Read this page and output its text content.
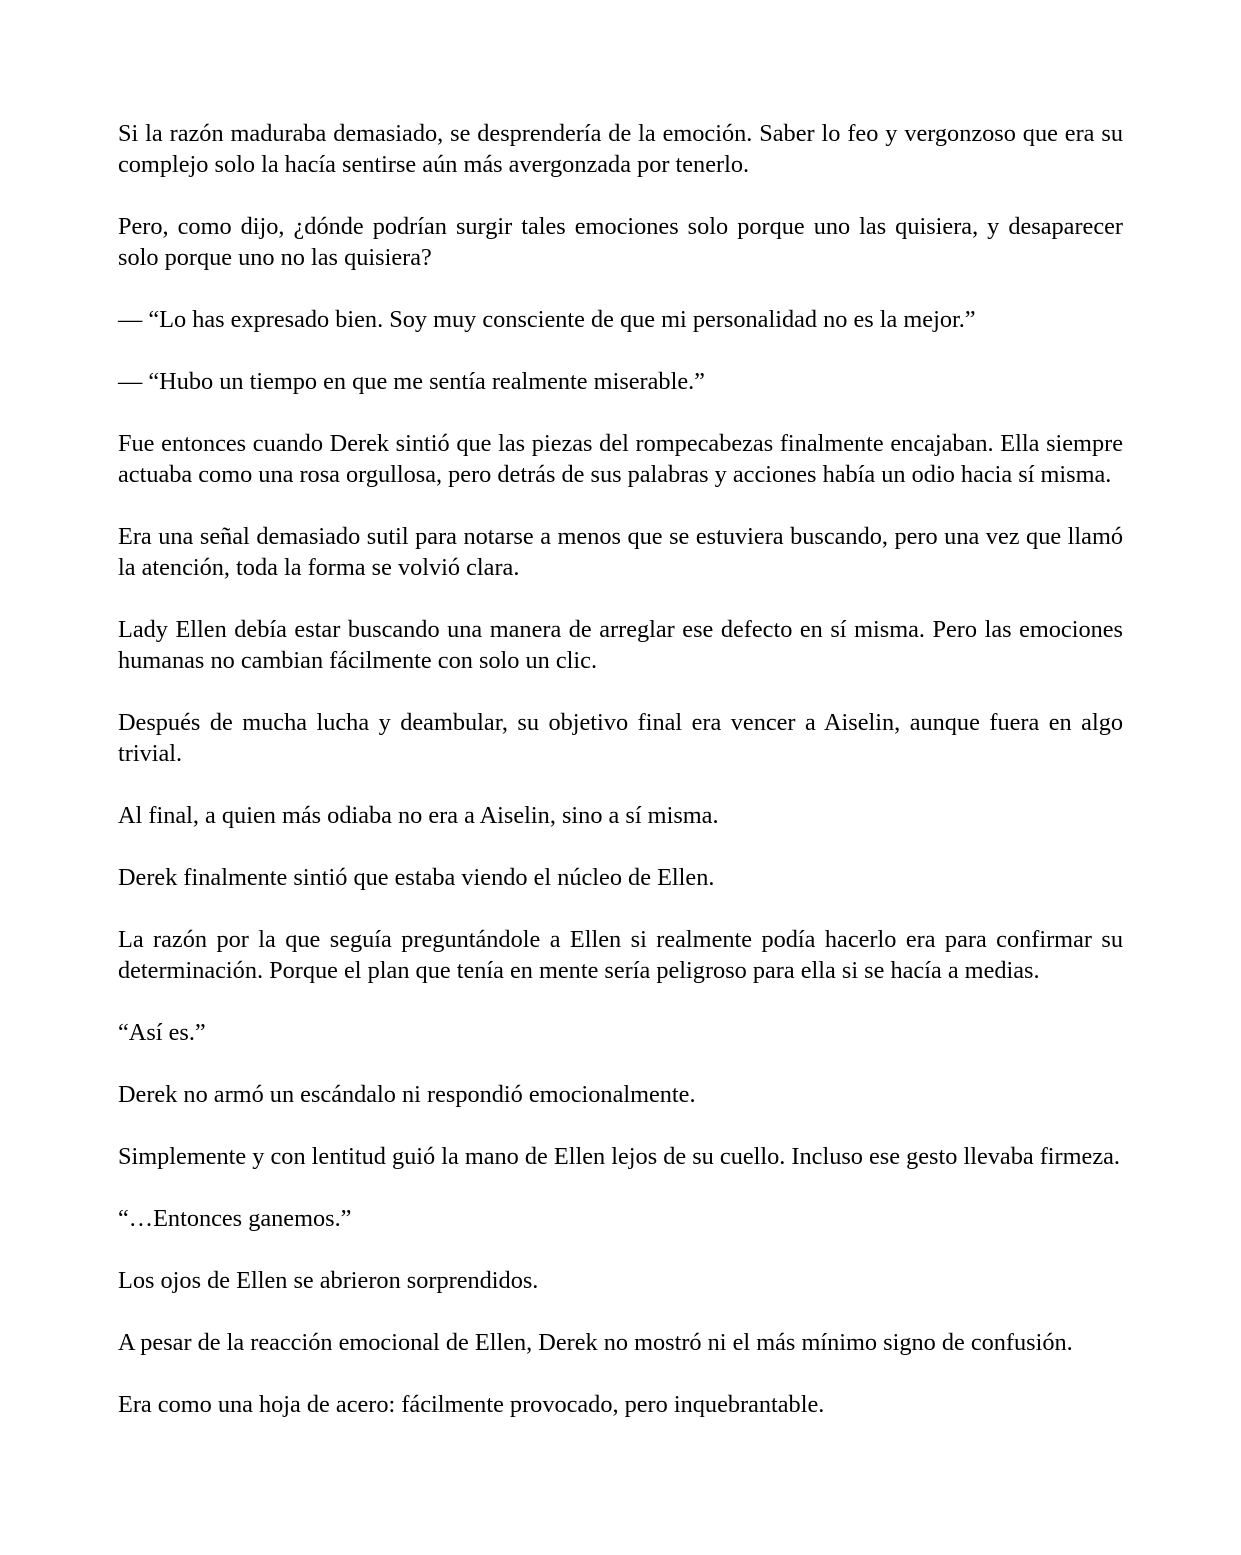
Si la razón maduraba demasiado, se desprendería de la emoción. Saber lo feo y vergonzoso que era su complejo solo la hacía sentirse aún más avergonzada por tenerlo.

Pero, como dijo, ¿dónde podrían surgir tales emociones solo porque uno las quisiera, y desaparecer solo porque uno no las quisiera?

— “Lo has expresado bien. Soy muy consciente de que mi personalidad no es la mejor.”

— “Hubo un tiempo en que me sentía realmente miserable.”

Fue entonces cuando Derek sintió que las piezas del rompecabezas finalmente encajaban. Ella siempre actuaba como una rosa orgullosa, pero detrás de sus palabras y acciones había un odio hacia sí misma.

Era una señal demasiado sutil para notarse a menos que se estuviera buscando, pero una vez que llamó la atención, toda la forma se volvió clara.

Lady Ellen debía estar buscando una manera de arreglar ese defecto en sí misma. Pero las emociones humanas no cambian fácilmente con solo un clic.

Después de mucha lucha y deambular, su objetivo final era vencer a Aiselin, aunque fuera en algo trivial.

Al final, a quien más odiaba no era a Aiselin, sino a sí misma.

Derek finalmente sintió que estaba viendo el núcleo de Ellen.

La razón por la que seguía preguntándole a Ellen si realmente podía hacerlo era para confirmar su determinación. Porque el plan que tenía en mente sería peligroso para ella si se hacía a medias.

“Así es.”

Derek no armó un escándalo ni respondió emocionalmente.

Simplemente y con lentitud guió la mano de Ellen lejos de su cuello. Incluso ese gesto llevaba firmeza.

“…Entonces ganemos.”

Los ojos de Ellen se abrieron sorprendidos.

A pesar de la reacción emocional de Ellen, Derek no mostró ni el más mínimo signo de confusión.

Era como una hoja de acero: fácilmente provocado, pero inquebrantable.
